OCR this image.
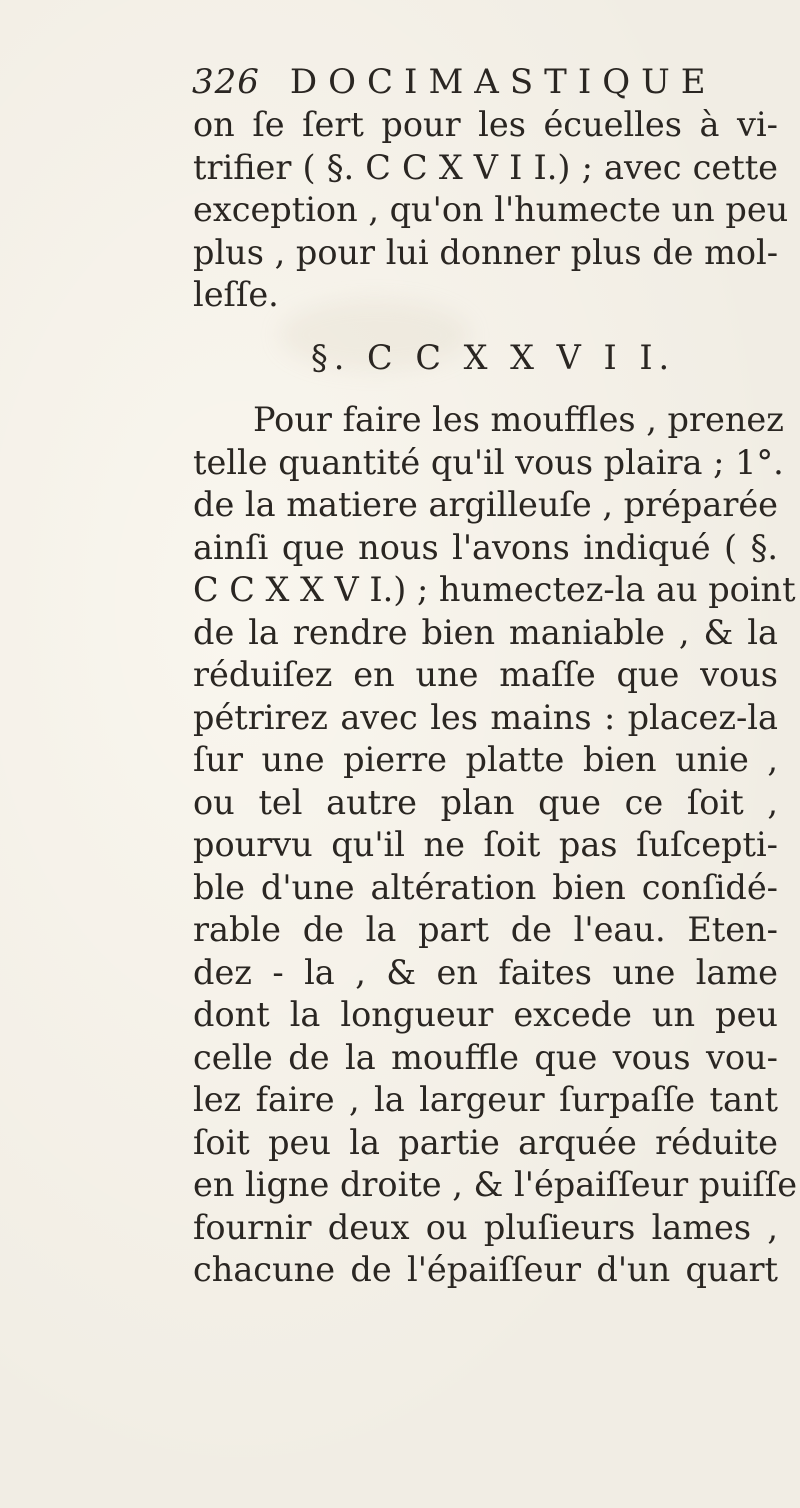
326 DOCIMASTIQUE
on ſe ſert pour les écuelles à vi-
trifier ( §. C C X V I I.) ; avec cette
exception , qu'on l'humecte un peu
plus , pour lui donner plus de mol-
leſſe.
§. C C X X V I I.
Pour faire les mouffles , prenez
telle quantité qu'il vous plaira ; 1°.
de la matiere argilleuſe , préparée
ainſi que nous l'avons indiqué ( §.
C C X X V I.) ; humectez-la au point
de la rendre bien maniable , & la
réduiſez en une maſſe que vous
pétrirez avec les mains : placez-la
ſur une pierre platte bien unie ,
ou tel autre plan que ce ſoit ,
pourvu qu'il ne ſoit pas ſuſcepti-
ble d'une altération bien conſidé-
rable de la part de l'eau. Eten-
dez - la , & en faites une lame
dont la longueur excede un peu
celle de la mouffle que vous vou-
lez faire , la largeur ſurpaſſe tant
ſoit peu la partie arquée réduite
en ligne droite , & l'épaiſſeur puiſſe
fournir deux ou pluſieurs lames ,
chacune de l'épaiſſeur d'un quart
